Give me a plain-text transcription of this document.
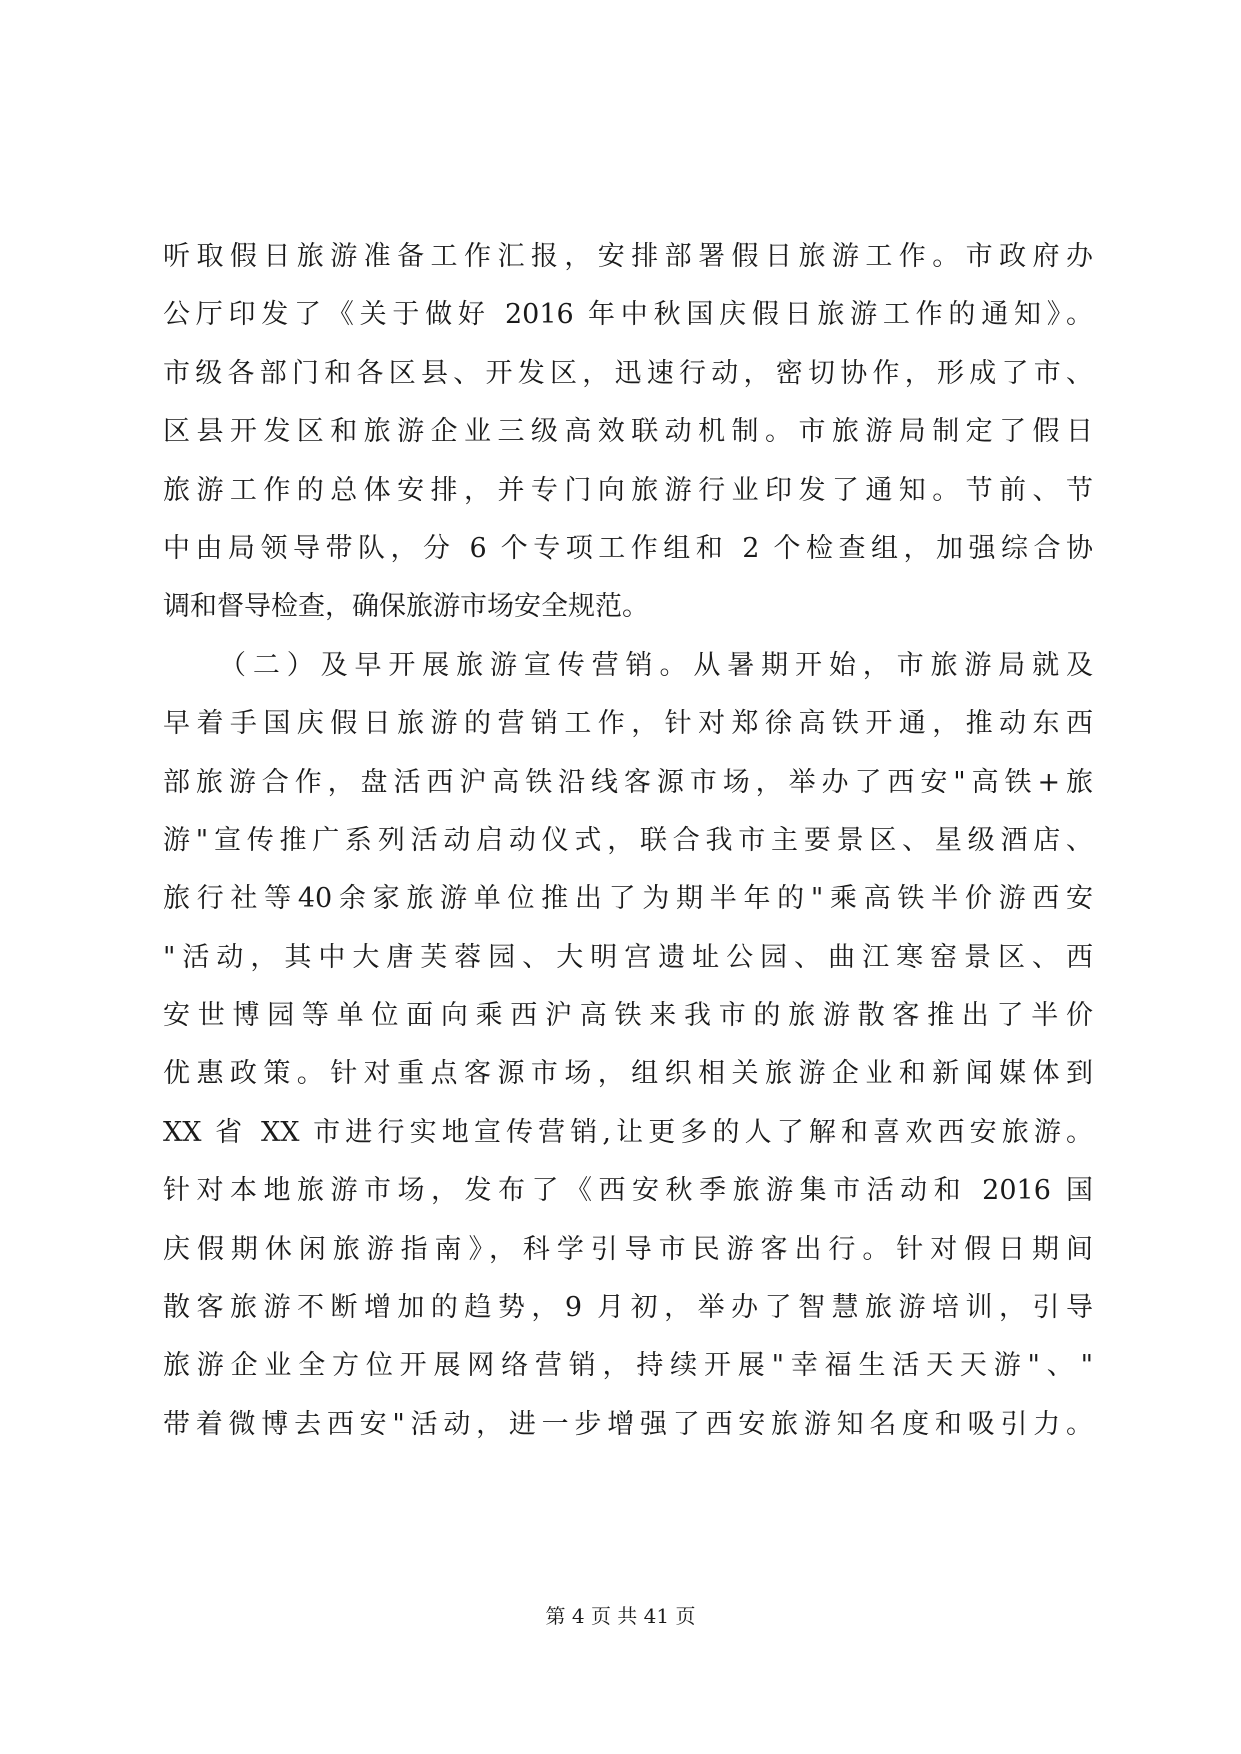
听取假日旅游准备工作汇报，安排部署假日旅游工作。市政府办
公厅印发了《关于做好 2016 年中秋国庆假日旅游工作的通知》。
市级各部门和各区县、开发区，迅速行动，密切协作，形成了市、
区县开发区和旅游企业三级高效联动机制。市旅游局制定了假日
旅游工作的总体安排，并专门向旅游行业印发了通知。节前、节
中由局领导带队，分 6 个专项工作组和 2 个检查组，加强综合协
调和督导检查，确保旅游市场安全规范。
（二）及早开展旅游宣传营销。从暑期开始，市旅游局就及
早着手国庆假日旅游的营销工作，针对郑徐高铁开通，推动东西
部旅游合作，盘活西沪高铁沿线客源市场，举办了西安"高铁+旅
游"宣传推广系列活动启动仪式，联合我市主要景区、星级酒店、
旅行社等40余家旅游单位推出了为期半年的"乘高铁半价游西安
"活动，其中大唐芙蓉园、大明宫遗址公园、曲江寒窑景区、西
安世博园等单位面向乘西沪高铁来我市的旅游散客推出了半价
优惠政策。针对重点客源市场，组织相关旅游企业和新闻媒体到
XX 省 XX 市进行实地宣传营销,让更多的人了解和喜欢西安旅游。
针对本地旅游市场，发布了《西安秋季旅游集市活动和 2016 国
庆假期休闲旅游指南》，科学引导市民游客出行。针对假日期间
散客旅游不断增加的趋势，9 月初，举办了智慧旅游培训，引导
旅游企业全方位开展网络营销，持续开展"幸福生活天天游"、"
带着微博去西安"活动，进一步增强了西安旅游知名度和吸引力。
第 4 页 共 41 页
